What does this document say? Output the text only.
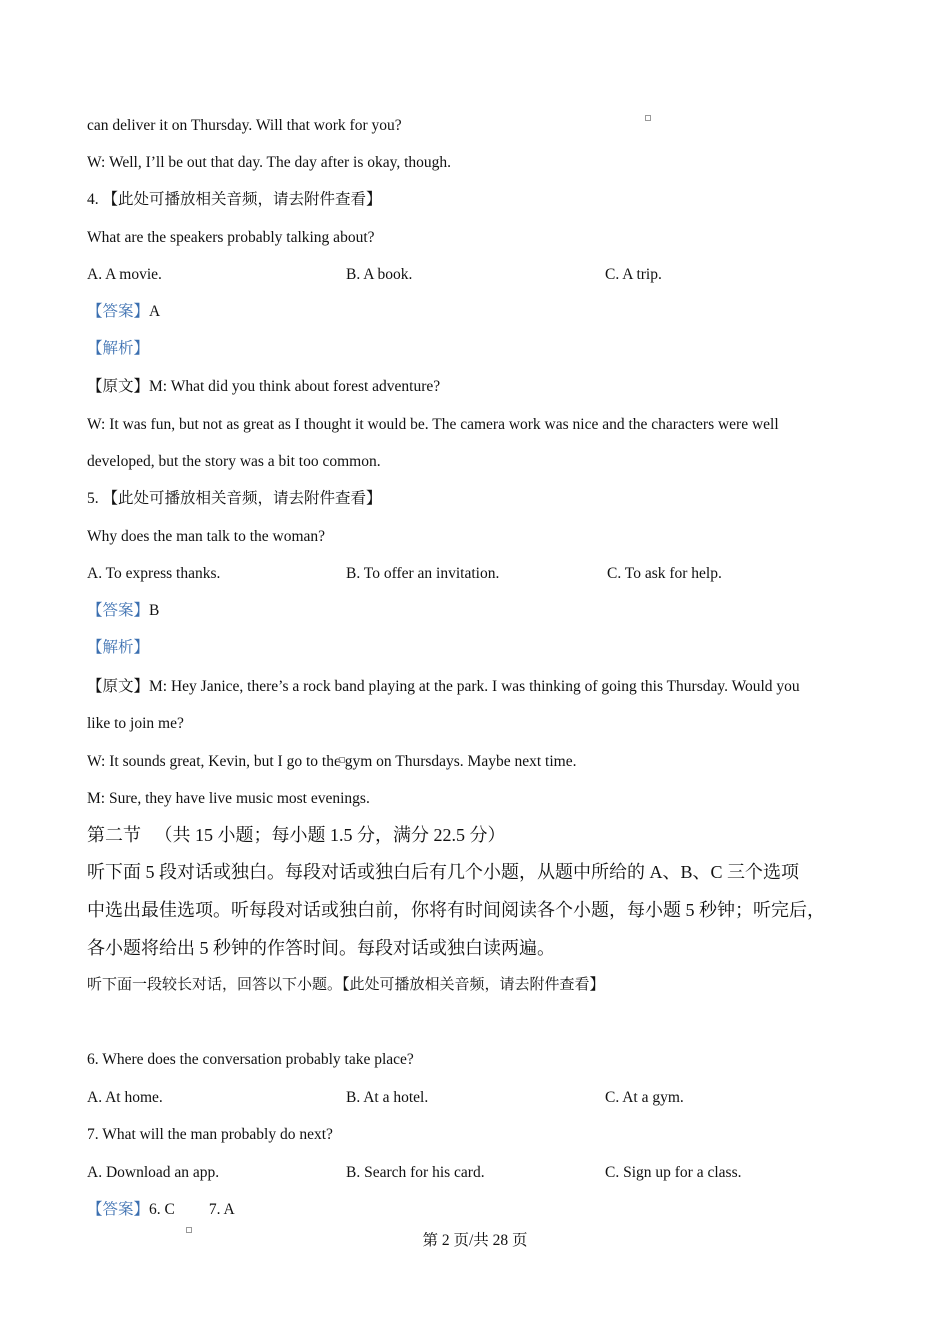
can deliver it on Thursday. Will that work for you?
W: Well, I’ll be out that day. The day after is okay, though.
4. 【此处可播放相关音频，请去附件查看】
What are the speakers probably talking about?
A. A movie.	B. A book.	C. A trip.
【答案】A
【解析】
【原文】M: What did you think about forest adventure?
W: It was fun, but not as great as I thought it would be. The camera work was nice and the characters were well
developed, but the story was a bit too common.
5. 【此处可播放相关音频，请去附件查看】
Why does the man talk to the woman?
A. To express thanks.	B. To offer an invitation.	C. To ask for help.
【答案】B
【解析】
【原文】M: Hey Janice, there’s a rock band playing at the park. I was thinking of going this Thursday. Would you
like to join me?
W: It sounds great, Kevin, but I go to the gym on Thursdays. Maybe next time.
M: Sure, they have live music most evenings.
第二节 （共 15 小题；每小题 1.5 分，满分 22.5 分）
听下面 5 段对话或独白。每段对话或独白后有几个小题，从题中所给的 A、B、C 三个选项
中选出最佳选项。听每段对话或独白前，你将有时间阅读各个小题，每小题 5 秒钟；听完后，
各小题将给出 5 秒钟的作答时间。每段对话或独白读两遍。
听下面一段较长对话，回答以下小题。【此处可播放相关音频，请去附件查看】
6. Where does the conversation probably take place?
A. At home.	B. At a hotel.	C. At a gym.
7. What will the man probably do next?
A. Download an app.	B. Search for his card.	C. Sign up for a class.
【答案】6. C 7. A
第 2 页/共 28 页
